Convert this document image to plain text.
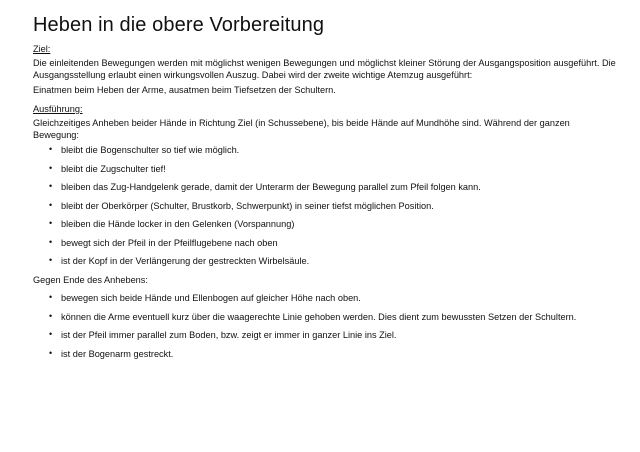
Heben in die obere Vorbereitung

Ziel:

Die einleitenden Bewegungen werden mit möglichst wenigen Bewegungen und möglichst kleiner Störung der Ausgangsposition ausgeführt. Die Ausgangsstellung erlaubt einen wirkungsvollen Auszug. Dabei wird der zweite wichtige Atemzug ausgeführt:

Einatmen beim Heben der Arme, ausatmen beim Tiefsetzen der Schultern.

Ausführung:

Gleichzeitiges Anheben beider Hände in Richtung Ziel (in Schussebene), bis beide Hände auf Mundhöhe sind. Während der ganzen Bewegung:

• bleibt die Bogenschulter so tief wie möglich.
• bleibt die Zugschulter tief!
• bleiben das Zug-Handgelenk gerade, damit der Unterarm der Bewegung parallel zum Pfeil folgen kann.
• bleibt der Oberkörper (Schulter, Brustkorb, Schwerpunkt) in seiner tiefst möglichen Position.
• bleiben die Hände locker in den Gelenken (Vorspannung)
• bewegt sich der Pfeil in der Pfeilflugebene nach oben
• ist der Kopf in der Verlängerung der gestreckten Wirbelsäule.

Gegen Ende des Anhebens:

• bewegen sich beide Hände und Ellenbogen auf gleicher Höhe nach oben.
• können die Arme eventuell kurz über die waagerechte Linie gehoben werden. Dies dient zum bewussten Setzen der Schultern.
• ist der Pfeil immer parallel zum Boden, bzw. zeigt er immer in ganzer Linie ins Ziel.
• ist der Bogenarm gestreckt.
